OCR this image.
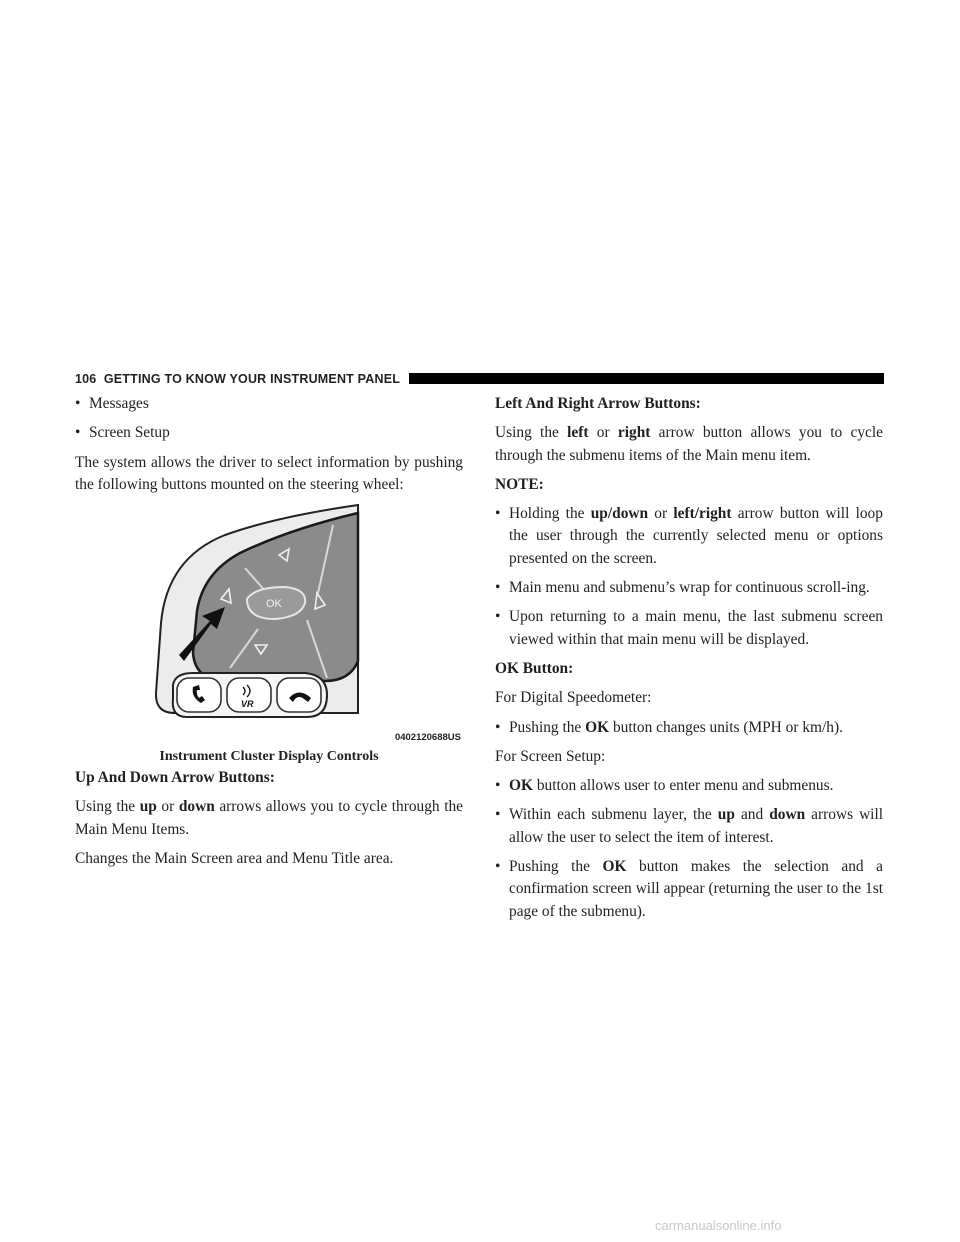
106 GETTING TO KNOW YOUR INSTRUMENT PANEL
• Messages
• Screen Setup

The system allows the driver to select information by pushing the following buttons mounted on the steering wheel:

OK
VR
0402120688US
Instrument Cluster Display Controls

Up And Down Arrow Buttons:

Using the up or down arrows allows you to cycle through the Main Menu Items.

Changes the Main Screen area and Menu Title area.

Left And Right Arrow Buttons:

Using the left or right arrow button allows you to cycle through the submenu items of the Main menu item.

NOTE:

• Holding the up/down or left/right arrow button will loop the user through the currently selected menu or options presented on the screen.
• Main menu and submenu’s wrap for continuous scroll-ing.
• Upon returning to a main menu, the last submenu screen viewed within that main menu will be displayed.

OK Button:

For Digital Speedometer:

• Pushing the OK button changes units (MPH or km/h).

For Screen Setup:

• OK button allows user to enter menu and submenus.
• Within each submenu layer, the up and down arrows will allow the user to select the item of interest.
• Pushing the OK button makes the selection and a confirmation screen will appear (returning the user to the 1st page of the submenu).
carmanualsonline.info
